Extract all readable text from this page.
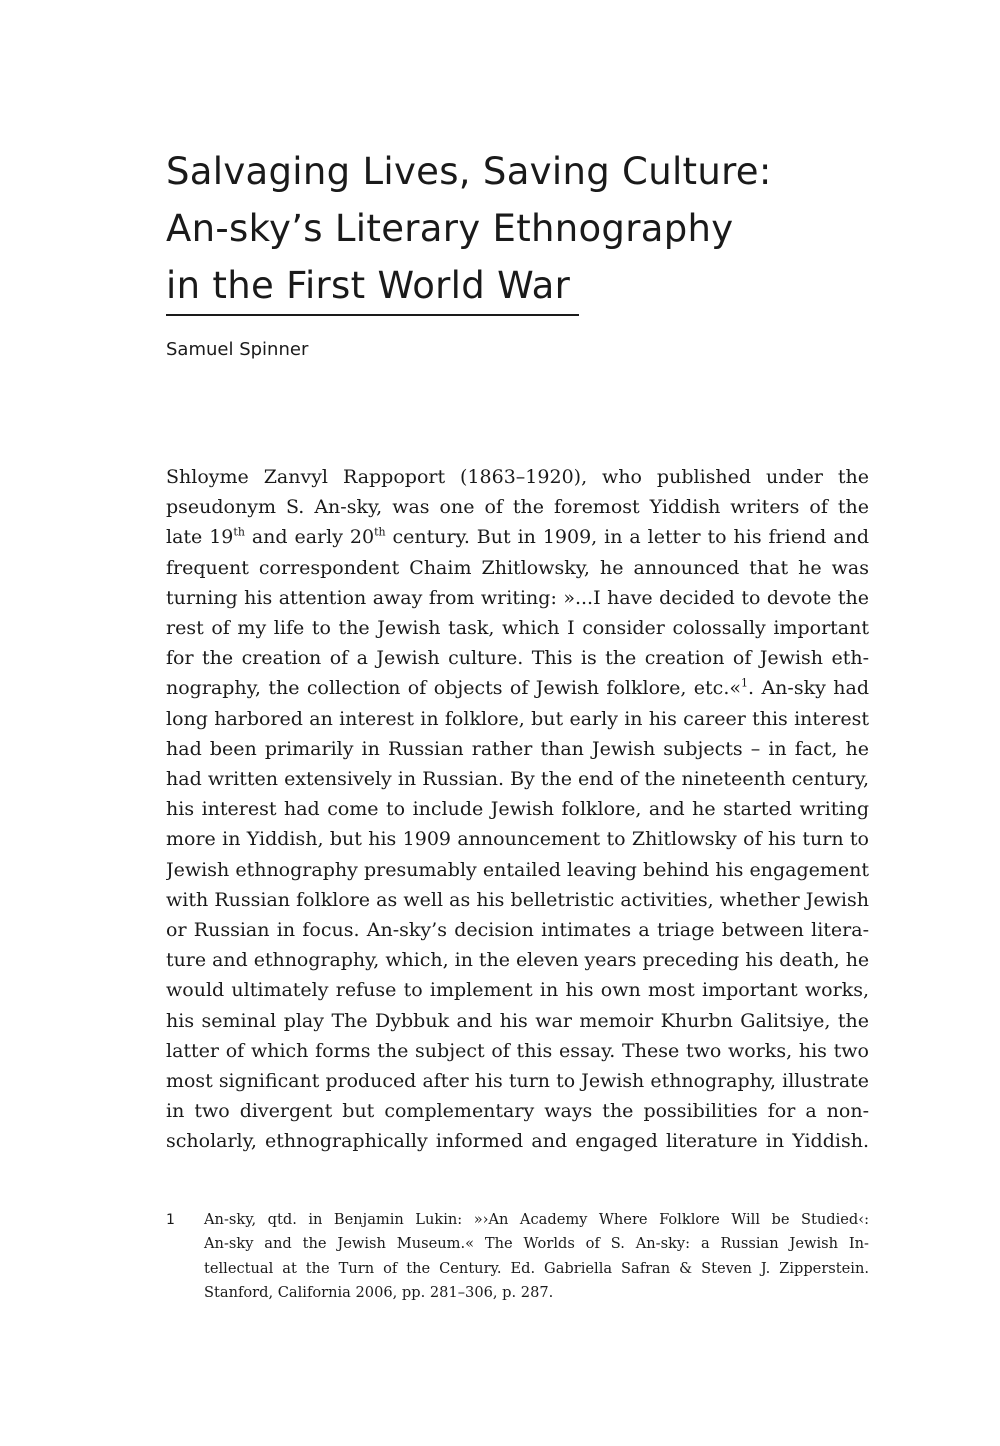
Salvaging Lives, Saving Culture:
An-sky’s Literary Ethnography
in the First World War
Samuel Spinner
Shloyme Zanvyl Rappoport (1863–1920), who published under the
pseudonym S. An-sky, was one of the foremost Yiddish writers of the
late 19th and early 20th century. But in 1909, in a letter to his friend and
frequent correspondent Chaim Zhitlowsky, he announced that he was
turning his attention away from writing: »...I have decided to devote the
rest of my life to the Jewish task, which I consider colossally important
for the creation of a Jewish culture. This is the creation of Jewish eth-
nography, the collection of objects of Jewish folklore, etc.«$^1$. An-sky had
long harbored an interest in folklore, but early in his career this interest
had been primarily in Russian rather than Jewish subjects – in fact, he
had written extensively in Russian. By the end of the nineteenth century,
his interest had come to include Jewish folklore, and he started writing
more in Yiddish, but his 1909 announcement to Zhitlowsky of his turn to
Jewish ethnography presumably entailed leaving behind his engagement
with Russian folklore as well as his belletristic activities, whether Jewish
or Russian in focus. An-sky’s decision intimates a triage between litera-
ture and ethnography, which, in the eleven years preceding his death, he
would ultimately refuse to implement in his own most important works,
his seminal play The Dybbuk and his war memoir Khurbn Galitsiye, the
latter of which forms the subject of this essay. These two works, his two
most significant produced after his turn to Jewish ethnography, illustrate
in two divergent but complementary ways the possibilities for a non-
scholarly, ethnographically informed and engaged literature in Yiddish.
1 An-sky, qtd. in Benjamin Lukin: »›An Academy Where Folklore Will be Studied‹:
An-sky and the Jewish Museum.« The Worlds of S. An-sky: a Russian Jewish In-
tellectual at the Turn of the Century. Ed. Gabriella Safran & Steven J. Zipperstein.
Stanford, California 2006, pp. 281–306, p. 287.
